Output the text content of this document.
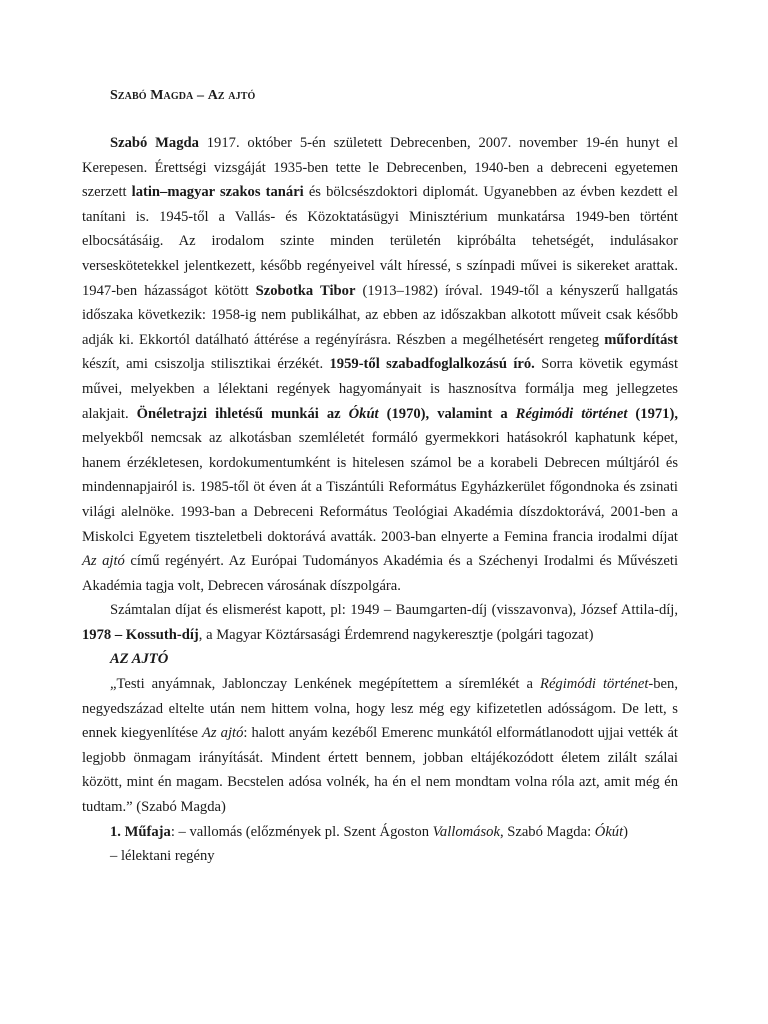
Szabó Magda – Az ajtó

Szabó Magda 1917. október 5-én született Debrecenben, 2007. november 19-én hunyt el Kerepesen. Érettségi vizsgáját 1935-ben tette le Debrecenben, 1940-ben a debreceni egyetemen szerzett latin–magyar szakos tanári és bölcsészdoktori diplomát. Ugyanebben az évben kezdett el tanítani is. 1945-től a Vallás- és Közoktatásügyi Minisztérium munkatársa 1949-ben történt elbocsátásáig. Az irodalom szinte minden területén kipróbálta tehetségét, indulásakor verseskötetekkel jelentkezett, később regényeivel vált híressé, s színpadi művei is sikereket arattak. 1947-ben házasságot kötött Szobotka Tibor (1913–1982) íróval. 1949-től a kényszerű hallgatás időszaka következik: 1958-ig nem publikálhat, az ebben az időszakban alkotott műveit csak később adják ki. Ekkortól datálható áttérése a regényírásra. Részben a megélhetésért rengeteg műfordítást készít, ami csiszolja stilisztikai érzékét. 1959-től szabadfoglalkozású író. Sorra követik egymást művei, melyekben a lélektani regények hagyományait is hasznosítva formálja meg jellegzetes alakjait. Önéletrajzi ihletésű munkái az Ókút (1970), valamint a Régimódi történet (1971), melyekből nemcsak az alkotásban szemléletét formáló gyermekkori hatásokról kaphatunk képet, hanem érzékletesen, kordokumentumként is hitelesen számol be a korabeli Debrecen múltjáról és mindennapjairól is. 1985-től öt éven át a Tiszántúli Református Egyházkerület főgondnoka és zsinati világi alelnöke. 1993-ban a Debreceni Református Teológiai Akadémia díszdoktorává, 2001-ben a Miskolci Egyetem tiszteletbeli doktorává avatták. 2003-ban elnyerte a Femina francia irodalmi díjat Az ajtó című regényért. Az Európai Tudományos Akadémia és a Széchenyi Irodalmi és Művészeti Akadémia tagja volt, Debrecen városának díszpolgára.

Számtalan díjat és elismerést kapott, pl: 1949 – Baumgarten-díj (visszavonva), József Attila-díj, 1978 – Kossuth-díj, a Magyar Köztársasági Érdemrend nagykeresztje (polgári tagozat)

AZ AJTÓ

„Testi anyámnak, Jablonczay Lenkének megépítettem a síremlékét a Régimódi történet-ben, negyedszázad eltelte után nem hittem volna, hogy lesz még egy kifizetetlen adósságom. De lett, s ennek kiegyenlítése Az ajtó: halott anyám kezéből Emerenc munkától elformátlanodott ujjai vették át legjobb önmagam irányítását. Mindent értett bennem, jobban eltájékozódott életem zilált szálai között, mint én magam. Becstelen adósa volnék, ha én el nem mondtam volna róla azt, amit még én tudtam.” (Szabó Magda)

1. Műfaja: – vallomás (előzmények pl. Szent Ágoston Vallomások, Szabó Magda: Ókút)

– lélektani regény
